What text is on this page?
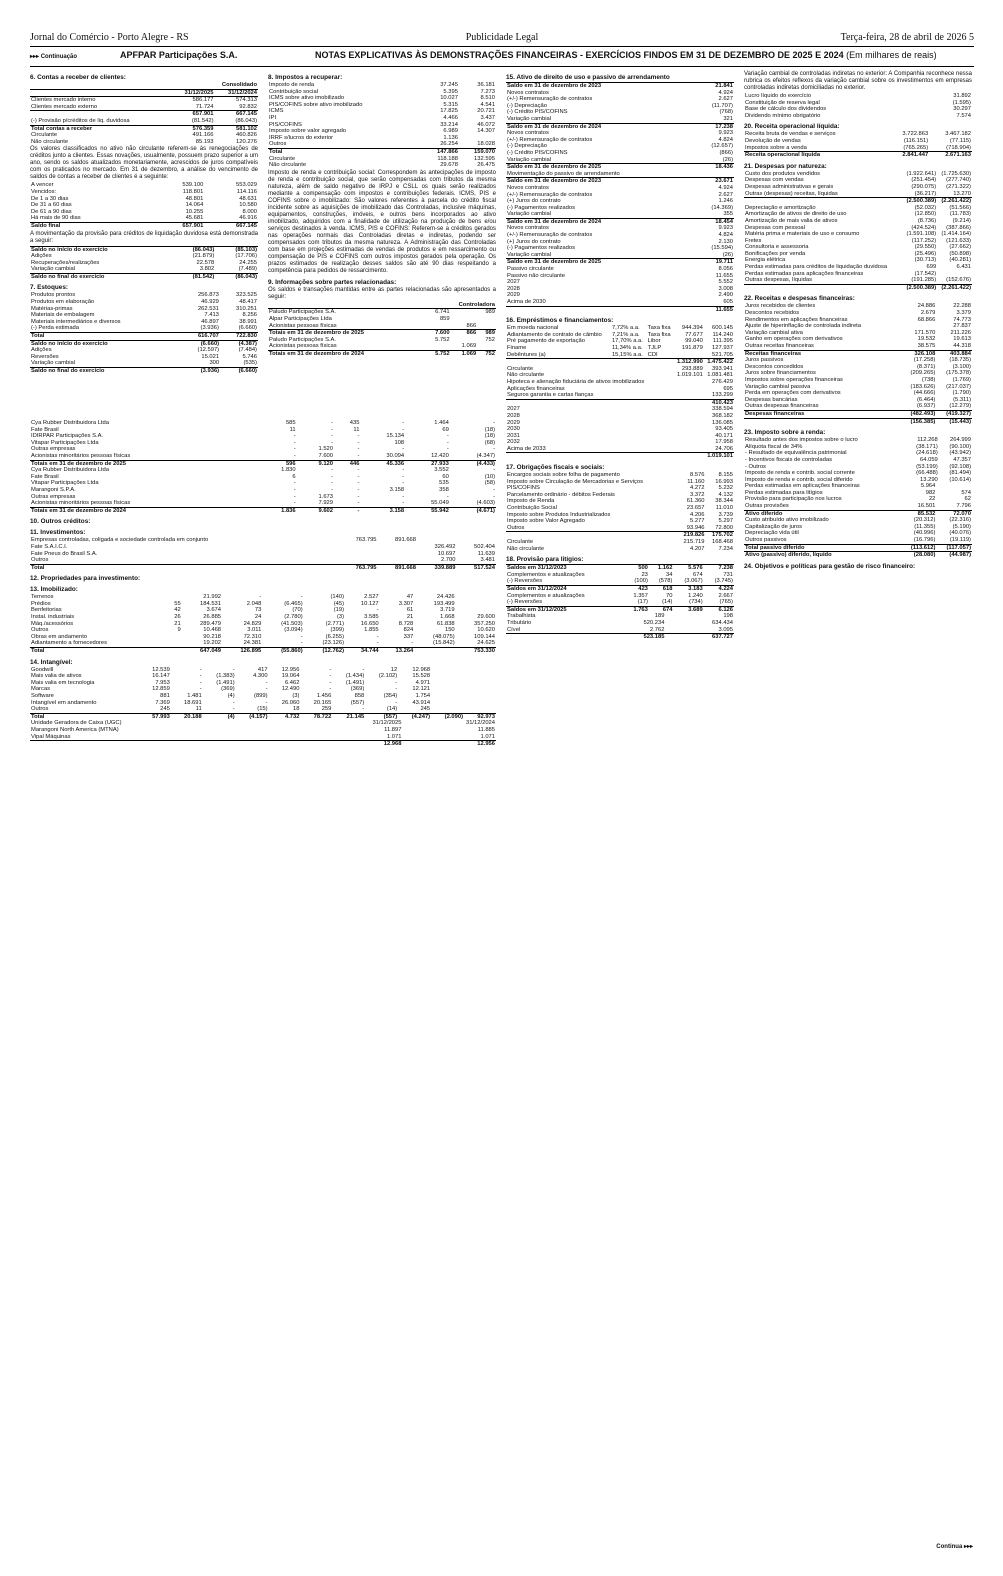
Jornal do Comércio - Porto Alegre - RS	Publicidade Legal	Terça-feira, 28 de abril de 2026 5
▸▸▸ Continuação	APFPAR Participações S.A.	NOTAS EXPLICATIVAS ÀS DEMONSTRAÇÕES FINANCEIRAS - EXERCÍCIOS FINDOS EM 31 DE DEZEMBRO DE 2025 E 2024 (Em milhares de reais)
6. Contas a receber de clientes:
	Consolidado	
	31/12/2025	31/12/2024
Clientes mercado interno	586.177	574.313
Clientes mercado externo	71.724	92.832
	657.901	667.145
(-) Provisão p/créditos de liq. duvidosa	(81.542)	(86.043)
Total contas a receber	576.359	581.102
Circulante	491.166	460.826
Não circulante	85.193	120.276

Os valores classificados no ativo não circulante referem-se às renegociações de créditos junto a clientes. Essas novações, usualmente, possuem prazo superior a um ano, sendo os saldos atualizados monetariamente, acrescidos de juros compatíveis com os praticados no mercado. Em 31 de dezembro, a análise do vencimento de saldos de contas a receber de clientes é a seguinte:

A vencer	539.100	553.029
Vencidos:	118.801	114.116
De 1 a 30 dias	48.801	48.631
De 31 a 60 dias	14.064	10.580
De 61 a 90 dias	10.255	8.000
Há mais de 90 dias	45.681	46.916
Saldo final	657.901	667.145

A movimentação da provisão para créditos de liquidação duvidosa está demonstrada a seguir:

Saldo no início do exercício	(86.043)	(85.103)
Adições	(21.879)	(17.706)
Recuperações/realizações	22.578	24.255
Variação cambial	3.802	(7.489)
Saldo no final do exercício	(81.542)	(86.043)
7. Estoques:
Produtos prontos	256.873	323.525
Produtos em elaboração	46.929	48.417
Matérias-primas	262.531	310.251
Materiais de embalagem	7.413	8.256
Materiais intermediários e diversos	46.897	38.991
(-) Perda estimada	(3.936)	(6.660)
Total	616.707	722.830
Saldo no início do exercício	(6.660)	(4.387)
Adições	(12.597)	(7.484)
Reversões	15.021	5.746
Variação cambial	300	(535)
Saldo no final do exercício	(3.936)	(6.660)
8. Impostos a recuperar:
Imposto de renda	37.245	36.181
Contribuição social	5.395	7.273
ICMS sobre ativo imobilizado	10.027	8.510
PIS/COFINS sobre ativo imobilizado	5.315	4.541
ICMS	17.825	20.721
IPI	4.466	3.437
PIS/COFINS	33.214	46.072
Imposto sobre valor agregado	6.989	14.307
IRRF s/lucros do exterior	1.136	
Outros	26.254	18.028
Total	147.866	159.070
Circulante	118.188	132.595
Não circulante	29.678	26.475

Imposto de renda e contribuição social: Correspondem às antecipações de imposto de renda e contribuição social, que serão compensadas com tributos da mesma natureza, além de saldo negativo de IRPJ e CSLL os quais serão realizados mediante a compensação com impostos e contribuições federais. ICMS, PIS e COFINS sobre o imobilizado: São valores referentes à parcela do crédito fiscal incidente sobre as aquisições de imobilizado das Controladas, inclusive máquinas, equipamentos, construções, imóveis, e outros bens incorporados ao ativo imobilizado, adquiridos com a finalidade de utilização na produção de bens e/ou serviços destinados à venda. ICMS, PIS e COFINS: Referem-se a créditos gerados nas operações normais das Controladas diretas e indiretas, podendo ser compensados com tributos da mesma natureza. A Administração das Controladas com base em projeções estimadas de vendas de produtos e em ressarcimento ou compensação de PIS e COFINS com outros impostos gerados pela operação. Os prazos estimados de realização desses saldos são até 90 dias respeitando a competência para pedidos de ressarcimento.

9. Informações sobre partes relacionadas:

Os saldos e transações mantidas entre as partes relacionadas são apresentados a seguir:

	Controladora		
Paludo Participações S.A.	6.741		989
Alpar Participações Ltda	859		
Acionistas pessoas físicas		866	
Totais em 31 de dezembro de 2025	7.600	866	989
Paludo Participações S.A.	5.752		752
Acionistas pessoas físicas		1.069	
Totais em 31 de dezembro de 2024	5.752	1.069	752
Cya Rubber Distribuidora Ltda	585	-	435	-	1.464	-
Fate Brasil	11	-	11	-	69	(18)
IDIRPAR Participações S.A.	-	-	-	15.134	-	(18)
Vitapar Participações Ltda	-	-	-	108	-	(68)
Outras empresas	-	1.520	-	-	-	-
Acionistas minoritários pessoas físicas	-	7.600	-	30.094	12.420	(4.347)
Totais em 31 de dezembro de 2025	596	9.120	446	45.336	27.933	(4.433)
Cya Rubber Distribuidora Ltda	1.830	-	-	-	3.552	-
Fate Brasil	6	-	-	-	60	(10)
Vitapar Participações Ltda	-	-	-	-	535	(58)
Marangoni S.P.A.	-	-	-	3.158	358	-
Outras empresas	-	1.673	-	-	-	-
Acionistas minoritários pessoas físicas	-	7.929	-	-	55.049	(4.603)
Totais em 31 de dezembro de 2024	1.836	9.602	-	3.158	55.942	(4.671)
10. Outros créditos:
11. Investimentos:
Empresas controladas, coligada e sociedade controlada em conjunto	763.795	891.668		
Fate S.A.I.C.I.			326.492	502.404
Fate Pneus do Brasil S.A.			10.697	11.639
Outros			2.700	3.481
Total	763.795	891.668	339.889	517.524
12. Propriedades para investimento:
13. Imobilizado:
Terrenos		21.992	-	-	(140)	2.527	47	24.426	
Prédios	55	184.531	2.048	(6.465)	(45)	10.127	3.307	193.499	
Benfeitorias	42	3.674	73	(70)	(19)	-	61	3.719	
Instal. industriais	26	26.885	24	(2.780)	(3)	3.585	21	1.668	29.600
Máq./acessórios	21	289.479	24.829	(41.503)	(2.771)	16.650	8.728	61.838	357.250
Outros	9	10.468	3.011	(3.094)	(399)	1.855	824	150	10.620
Obras em andamento		90.218	72.310	-	(6.255)	-	337	(48.075)	109.144
Adiantamento a fornecedores		19.202	24.381	-	(23.126)	-	-	(15.842)	24.625
Total		647.049	126.895	(55.860)	(12.762)	34.744	13.264		753.330
14. Intangível:
Goodwill	12.539	-	-	417	12.956	-	-	12	12.968		
Mais valia de ativos	16.147	-	(1.383)	4.300	19.064	-	(1.434)	(2.102)	15.528		
Mais valia em tecnologia	7.953	-	(1.491)	-	6.462	-	(1.491)	-	4.971		
Marcas	12.859	-	(369)	-	12.490	-	(369)	-	12.121		
Software	881	1.481	(4)	(899)	(3)	1.456	858	(354)	1.754		
Intangível em andamento	7.369	18.691	-	-	26.060	20.165	(557)	-	43.914		
Outros	245	11	-	(15)	18	259	-	(14)	245		
Total	57.993	20.188	(4)	(4.157)	4.732	78.722	21.145	(557)	(4.247)	(2.090)	92.973
Unidade Geradora de Caixa (UGC)	31/12/2025	31/12/2024
Marangoni North America (MTNA)	11.897	11.885
Vipal Máquinas	1.071	1.071
	12.968	12.956
15. Ativo de direito de uso e passivo de arrendamento
Saldo em 31 de dezembro de 2023	21.841
Novos contratos	4.924
(+/-) Remensuração de contratos	2.627
(-) Depreciação	(11.707)
(-) Crédito PIS/COFINS	(768)
Variação cambial	321
Saldo em 31 de dezembro de 2024	17.238
Novos contratos	9.923
(+/-) Remensuração de contratos	4.824
(-) Depreciação	(12.657)
(-) Crédito PIS/COFINS	(866)
Variação cambial	(26)
Saldo em 31 de dezembro de 2025	18.436
Movimentação do passivo de arrendamento	
Saldo em 31 de dezembro de 2023	23.671
Novos contratos	4.924
(+/-) Remensuração de contratos	2.627
(+) Juros do contrato	1.246
(-) Pagamentos realizados	(14.369)
Variação cambial	355
Saldo em 31 de dezembro de 2024	18.454
Novos contratos	9.923
(+/-) Remensuração de contratos	4.824
(+) Juros do contrato	2.130
(-) Pagamentos realizados	(15.594)
Variação cambial	(26)
Saldo em 31 de dezembro de 2025	19.711
Passivo circulante	8.056
Passivo não circulante	11.655
2027	5.552
2028	3.008
2029	2.490
Acima de 2030	605
	11.655
16. Empréstimos e financiamentos:
Em moeda nacional	7,72% a.a.	Taxa fixa	944.394	600.145
Adiantamento de contrato de câmbio	7,21% a.a.	Taxa fixa	77.677	114.240
Pré pagamento de exportação	17,70% a.a.	Libor	99.040	111.395
Finame	11,34% a.a.	TJLP	191.879	127.937
Debêntures (a)	15,15% a.a.	CDI		521.705
			1.312.990	1.475.422
Circulante			293.889	393.941
Não circulante			1.019.101	1.081.481
Hipoteca e alienação fiduciária de ativos imobilizados	276.429
Aplicações financeiras	695
Seguros garantia e cartas fianças	133.299
	410.423
2027	338.594
2028	368.182
2029	136.085
2030	93.405
2031	40.171
2032	17.958
Acima de 2033	24.706
	1.019.101
17. Obrigações fiscais e sociais:
Encargos sociais sobre folha de pagamento	8.576	8.155
Imposto sobre Circulação de Mercadorias e Serviços	11.160	16.993
PIS/COFINS	4.272	5.232
Parcelamento ordinário - débitos Federais	3.372	4.132
Imposto de Renda	61.360	38.344
Contribuição Social	23.657	11.010
Imposto sobre Produtos Industrializados	4.206	3.739
Imposto sobre Valor Agregado	5.277	5.297
Outros	93.946	72.800
	219.826	175.702
Circulante	215.719	168.468
Não circulante	4.207	7.234
18. Provisão para litígios:
Saldos em 31/12/2023	500	1.162	5.576	7.238
Complementos e atualizações	23	34	674	731
(-) Reversões	(100)	(578)	(3.067)	(3.745)
Saldos em 31/12/2024	423	618	3.183	4.224
Complementos e atualizações	1.357	70	1.240	2.667
(-) Reversões	(17)	(14)	(734)	(765)
Saldos em 31/12/2025	1.763	674	3.689	6.126
Trabalhista	189	198
Tributário	520.234	634.434
Cível	2.762	3.095
	523.185	637.727

Variação cambial de controladas indiretas no exterior: A Companhia reconhece nessa rubrica os efeitos reflexos da variação cambial sobre os investimentos em empresas controladas indiretas domiciliadas no exterior.

Lucro líquido do exercício	31.892
Constituição de reserva legal	(1.595)
Base de cálculo dos dividendos	30.297
Dividendo mínimo obrigatório	7.574
20. Receita operacional líquida:
Receita bruta de vendas e serviços	3.722.863	3.467.182
Devolução de vendas	(116.151)	(77.115)
Impostos sobre a venda	(765.265)	(718.904)
Receita operacional líquida	2.841.447	2.671.163
21. Despesas por natureza:
Custo dos produtos vendidos	(1.922.641)	(1.725.630)
Despesas com vendas	(251.454)	(277.740)
Despesas administrativas e gerais	(290.075)	(271.322)
Outras (despesas) receitas, líquidas	(36.217)	13.270
	(2.500.389)	(2.261.422)
Depreciação e amortização	(52.032)	(51.566)
Amortização de ativos de direito de uso	(12.850)	(11.783)
Amortização de mais valia de ativos	(8.736)	(9.214)
Despesas com pessoal	(424.524)	(387.866)
Matéria prima e materiais de uso e consumo	(1.591.108)	(1.414.164)
Fretes	(117.252)	(121.633)
Consultoria e assessoria	(29.550)	(27.662)
Bonificações por venda	(25.496)	(50.898)
Energia elétrica	(30.713)	(40.281)
Perdas estimadas para créditos de liquidação duvidosa	699	6.431
Perdas estimadas para aplicações financeiras	(17.542)	
Outras despesas, líquidas	(191.285)	(152.676)
	(2.500.389)	(2.261.422)
22. Receitas e despesas financeiras:
Juros recebidos de clientes	24.886	22.288
Descontos recebidos	2.679	3.379
Rendimentos em aplicações financeiras	68.866	74.773
Ajuste de hiperinflação de controlada indireta		27.837
Variação cambial ativa	171.570	211.226
Ganho em operações com derivativos	19.532	19.613
Outras receitas financeiras	38.575	44.318
Receitas financeiras	326.108	403.884
Juros passivos	(17.258)	(18.735)
Descontos concedidos	(8.371)	(3.100)
Juros sobre financiamentos	(209.265)	(175.378)
Impostos sobre operações financeiras	(738)	(1.769)
Variação cambial passiva	(183.626)	(217.037)
Perda em operações com derivativos	(44.666)	(1.790)
Despesas bancárias	(6.464)	(5.311)
Outras despesas financeiras	(6.937)	(12.279)
Despesas financeiras	(482.493)	(419.327)
	(156.385)	(15.443)
23. Imposto sobre a renda:
Resultado antes dos impostos sobre o lucro	112.268	264.999
Alíquota fiscal de 34%	(38.171)	(90.100)
- Resultado de equivalência patrimonial	(24.618)	(43.942)
- Incentivos fiscais de controladas	64.059	47.357
- Outros	(53.199)	(92.108)
Imposto de renda e contrib. social corrente	(66.488)	(81.494)
Imposto de renda e contrib. social diferido	13.290	(10.614)
Perdas estimadas em aplicações financeiras	5.964	
Perdas estimadas para litígios	982	574
Provisão para participação nos lucros	22	62
Outras provisões	16.501	7.796
Ativo diferido	85.532	72.070
Custo atribuído ativo imobilizado	(20.312)	(22.316)
Capitalização de juros	(11.355)	(5.190)
Depreciação vida útil	(40.996)	(40.076)
Outros passivos	(16.796)	(19.119)
Total passivo diferido	(113.612)	(117.057)
Ativo (passivo) diferido, líquido	(28.080)	(44.987)
24. Objetivos e políticas para gestão de risco financeiro:
Continua ▸▸▸
